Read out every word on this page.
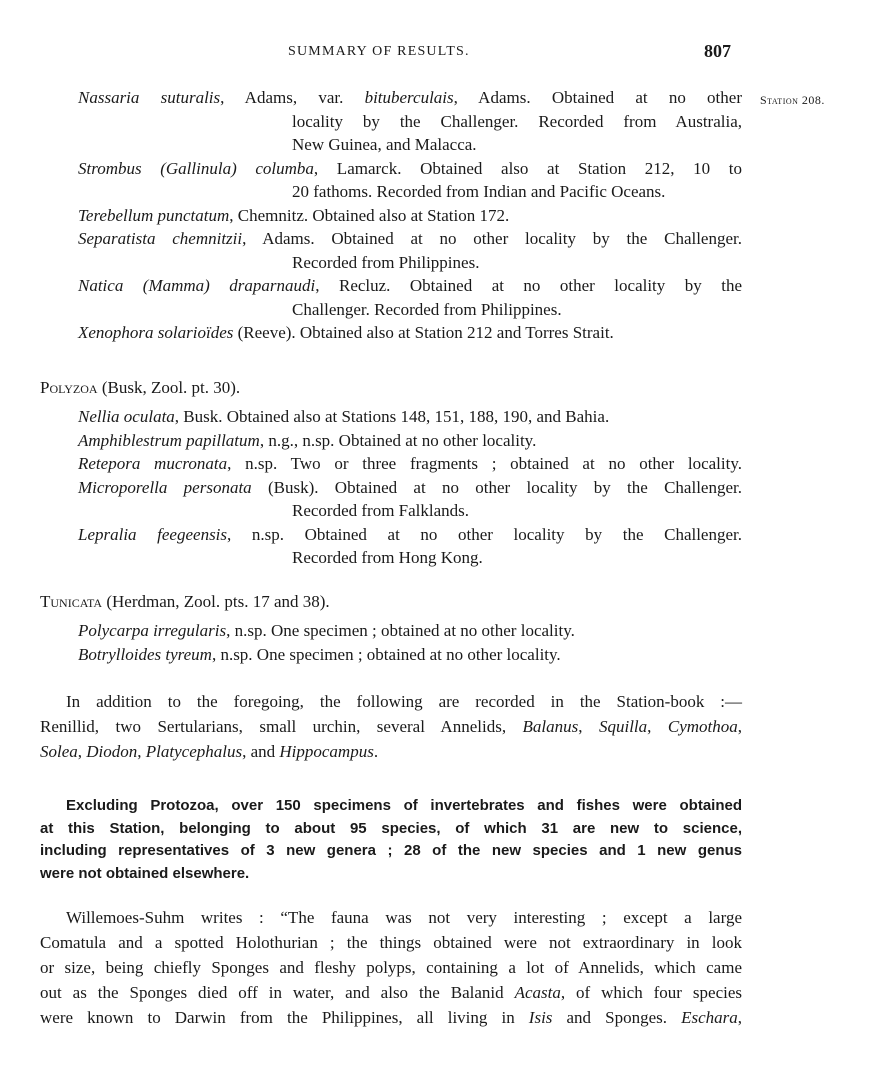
SUMMARY OF RESULTS.	807
Station 208.
Nassaria suturalis, Adams, var. bituberculais, Adams. Obtained at no other
locality by the Challenger. Recorded from Australia,
New Guinea, and Malacca.
Strombus (Gallinula) columba, Lamarck. Obtained also at Station 212, 10 to
20 fathoms. Recorded from Indian and Pacific Oceans.
Terebellum punctatum, Chemnitz. Obtained also at Station 172.
Separatista chemnitzii, Adams. Obtained at no other locality by the Challenger.
Recorded from Philippines.
Natica (Mamma) draparnaudi, Recluz. Obtained at no other locality by the
Challenger. Recorded from Philippines.
Xenophora solarioïdes (Reeve). Obtained also at Station 212 and Torres Strait.
Polyzoa (Busk, Zool. pt. 30).
Nellia oculata, Busk. Obtained also at Stations 148, 151, 188, 190, and Bahia.
Amphiblestrum papillatum, n.g., n.sp. Obtained at no other locality.
Retepora mucronata, n.sp. Two or three fragments ; obtained at no other locality.
Microporella personata (Busk). Obtained at no other locality by the Challenger.
Recorded from Falklands.
Lepralia feegeensis, n.sp. Obtained at no other locality by the Challenger.
Recorded from Hong Kong.
Tunicata (Herdman, Zool. pts. 17 and 38).
Polycarpa irregularis, n.sp. One specimen ; obtained at no other locality.
Botrylloides tyreum, n.sp. One specimen ; obtained at no other locality.
In addition to the foregoing, the following are recorded in the Station-book :—
Renillid, two Sertularians, small urchin, several Annelids, Balanus, Squilla, Cymothoa,
Solea, Diodon, Platycephalus, and Hippocampus.
Excluding Protozoa, over 150 specimens of invertebrates and fishes were obtained
at this Station, belonging to about 95 species, of which 31 are new to science,
including representatives of 3 new genera ; 28 of the new species and 1 new genus
were not obtained elsewhere.
Willemoes-Suhm writes : “The fauna was not very interesting ; except a large
Comatula and a spotted Holothurian ; the things obtained were not extraordinary in look
or size, being chiefly Sponges and fleshy polyps, containing a lot of Annelids, which came
out as the Sponges died off in water, and also the Balanid Acasta, of which four species
were known to Darwin from the Philippines, all living in Isis and Sponges. Eschara,
